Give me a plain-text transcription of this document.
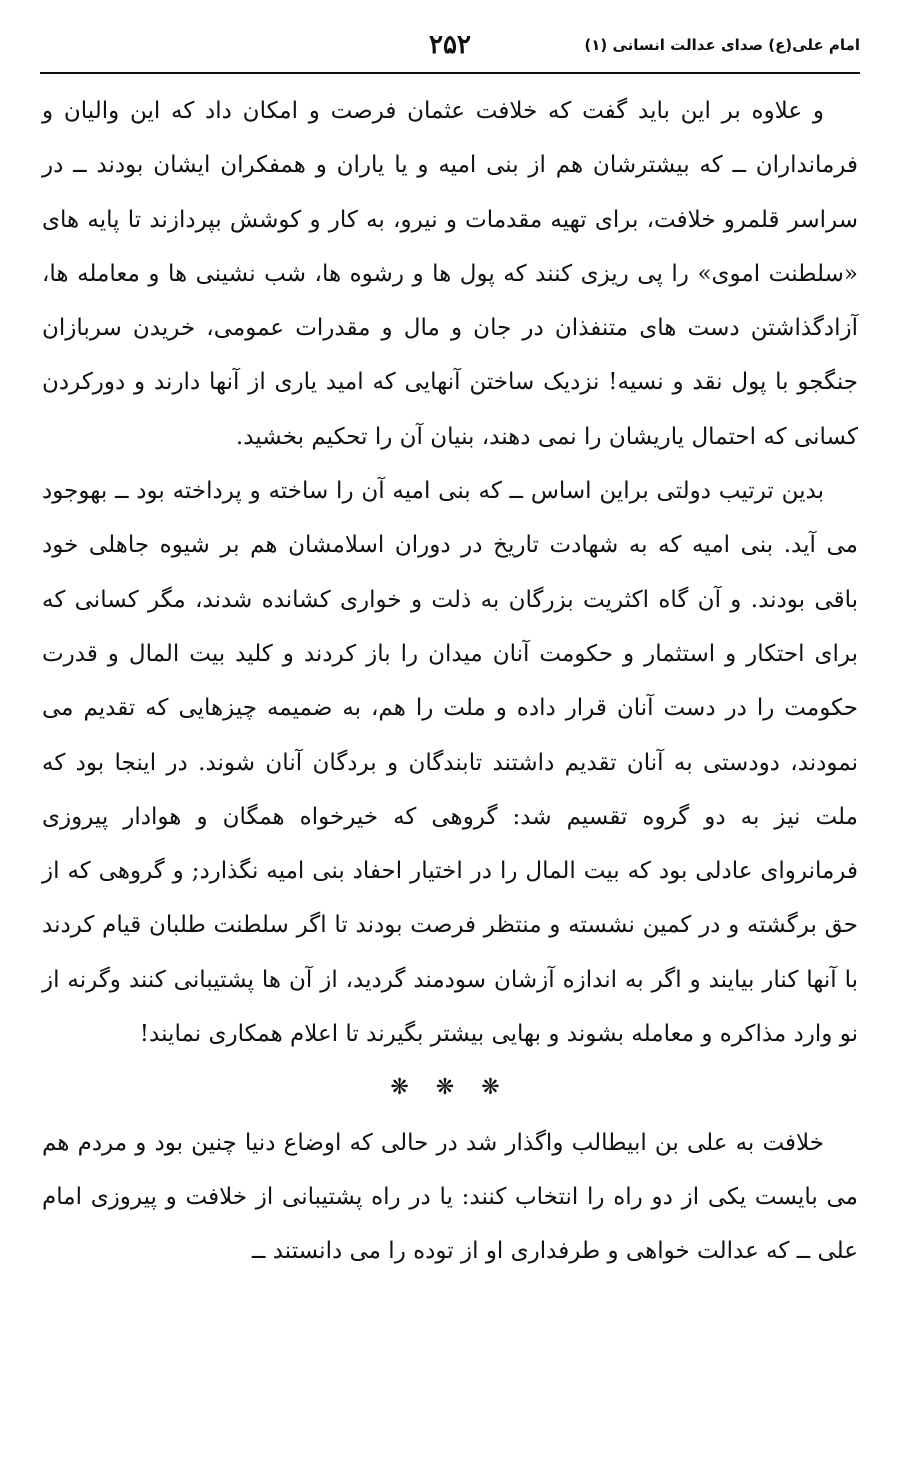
امام علی(ع) صدای عدالت انسانی (۱)
۲۵۲

و علاوه بر این باید گفت که خلافت عثمان فرصت و امکان داد که این والیان و فرمانداران ــ که بیشترشان هم از بنی امیه و یا یاران و همفکران ایشان بودند ــ در سراسر قلمرو خلافت، برای تهیه مقدمات و نیرو، به کار و کوشش بپردازند تا پایه های «سلطنت اموی» را پی ریزی کنند که پول ها و رشوه ها، شب نشینی ها و معامله ها، آزادگذاشتن دست های متنفذان در جان و مال و مقدرات عمومی، خریدن سربازان جنگجو با پول نقد و نسیه! نزدیک ساختن آنهایی که امید یاری از آنها دارند و دورکردن کسانی که احتمال یاریشان را نمی دهند، بنیان آن را تحکیم بخشید.

بدین ترتیب دولتی براین اساس ــ که بنی امیه آن را ساخته و پرداخته بود ــ بهوجود می آید. بنی امیه که به شهادت تاریخ در دوران اسلامشان هم بر شیوه جاهلی خود باقی بودند. و آن گاه اکثریت بزرگان به ذلت و خواری کشانده شدند، مگر کسانی که برای احتکار و استثمار و حکومت آنان میدان را باز کردند و کلید بیت المال و قدرت حکومت را در دست آنان قرار داده و ملت را هم، به ضمیمه چیزهایی که تقدیم می نمودند، دودستی به آنان تقدیم داشتند تابندگان و بردگان آنان شوند. در اینجا بود که ملت نیز به دو گروه تقسیم شد: گروهی که خیرخواه همگان و هوادار پیروزی فرمانروای عادلی بود که بیت المال را در اختیار احفاد بنی امیه نگذارد; و گروهی که از حق برگشته و در کمین نشسته و منتظر فرصت بودند تا اگر سلطنت طلبان قیام کردند با آنها کنار بیایند و اگر به اندازه آزشان سودمند گردید، از آن ها پشتیبانی کنند وگرنه از نو وارد مذاکره و معامله بشوند و بهایی بیشتر بگیرند تا اعلام همکاری نمایند!

❋ ❋ ❋

خلافت به علی بن ابیطالب واگذار شد در حالی که اوضاع دنیا چنین بود و مردم هم می بایست یکی از دو راه را انتخاب کنند: یا در راه پشتیبانی از خلافت و پیروزی امام علی ــ که عدالت خواهی و طرفداری او از توده را می دانستند ــ
